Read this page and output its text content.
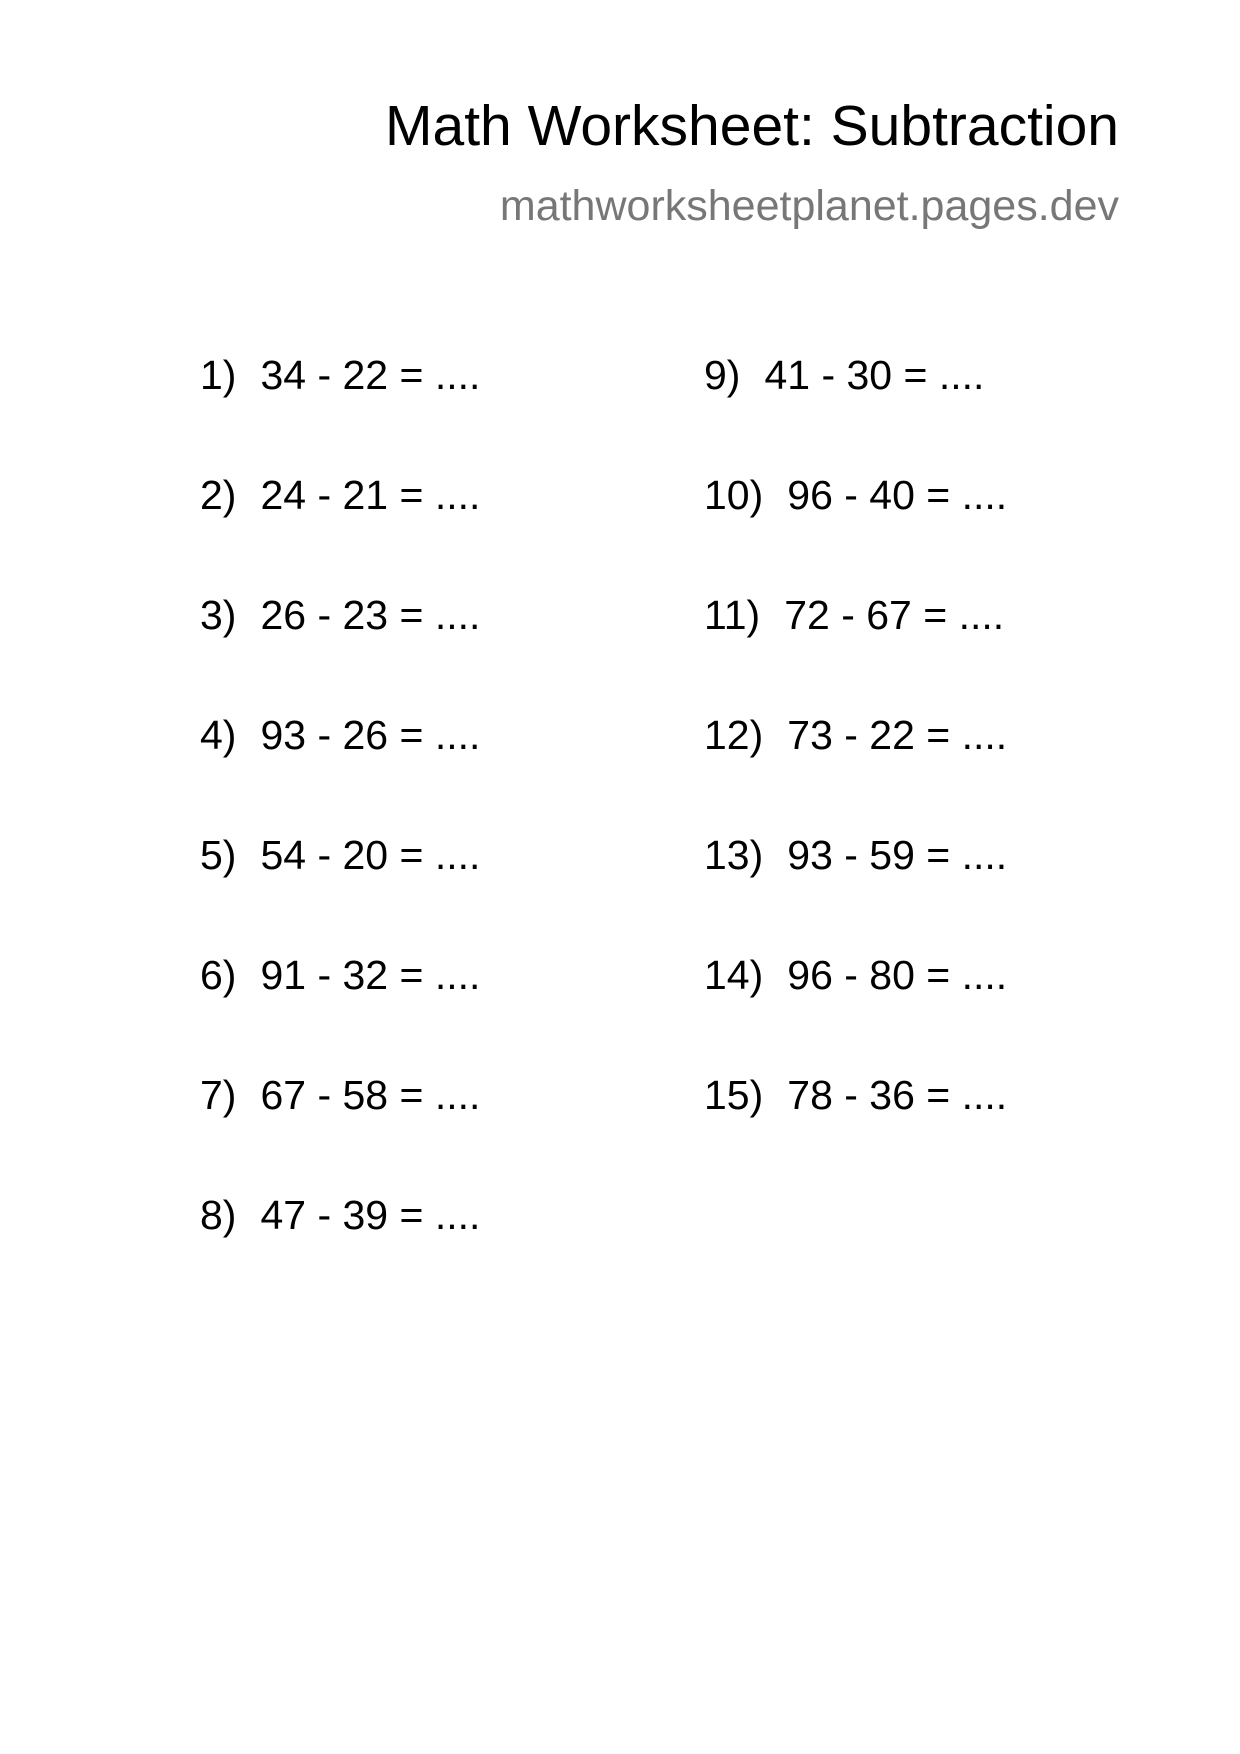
Math Worksheet: Subtraction
mathworksheetplanet.pages.dev
1) 34 - 22 = ....
2) 24 - 21 = ....
3) 26 - 23 = ....
4) 93 - 26 = ....
5) 54 - 20 = ....
6) 91 - 32 = ....
7) 67 - 58 = ....
8) 47 - 39 = ....
9) 41 - 30 = ....
10) 96 - 40 = ....
11) 72 - 67 = ....
12) 73 - 22 = ....
13) 93 - 59 = ....
14) 96 - 80 = ....
15) 78 - 36 = ....
